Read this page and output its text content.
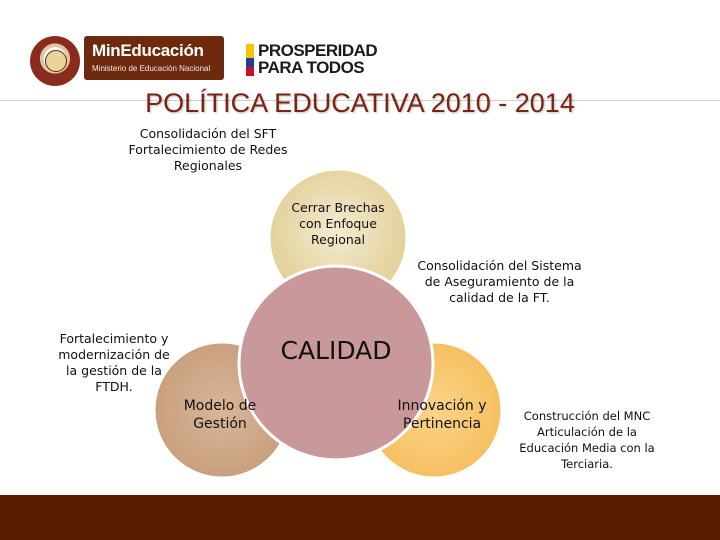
MinEducación
Ministerio de Educación Nacional
PROSPERIDAD
PARA TODOS
POLÍTICA EDUCATIVA 2010 - 2014
Cerrar Brechas con Enfoque Regional
CALIDAD
Modelo de Gestión
Innovación y Pertinencia
Consolidación del SFT Fortalecimiento de Redes Regionales
Consolidación del Sistema de Aseguramiento de la calidad de la FT.
Fortalecimiento y modernización de la gestión de la FTDH.
Construcción del MNC Articulación de la Educación Media con la Terciaria.
